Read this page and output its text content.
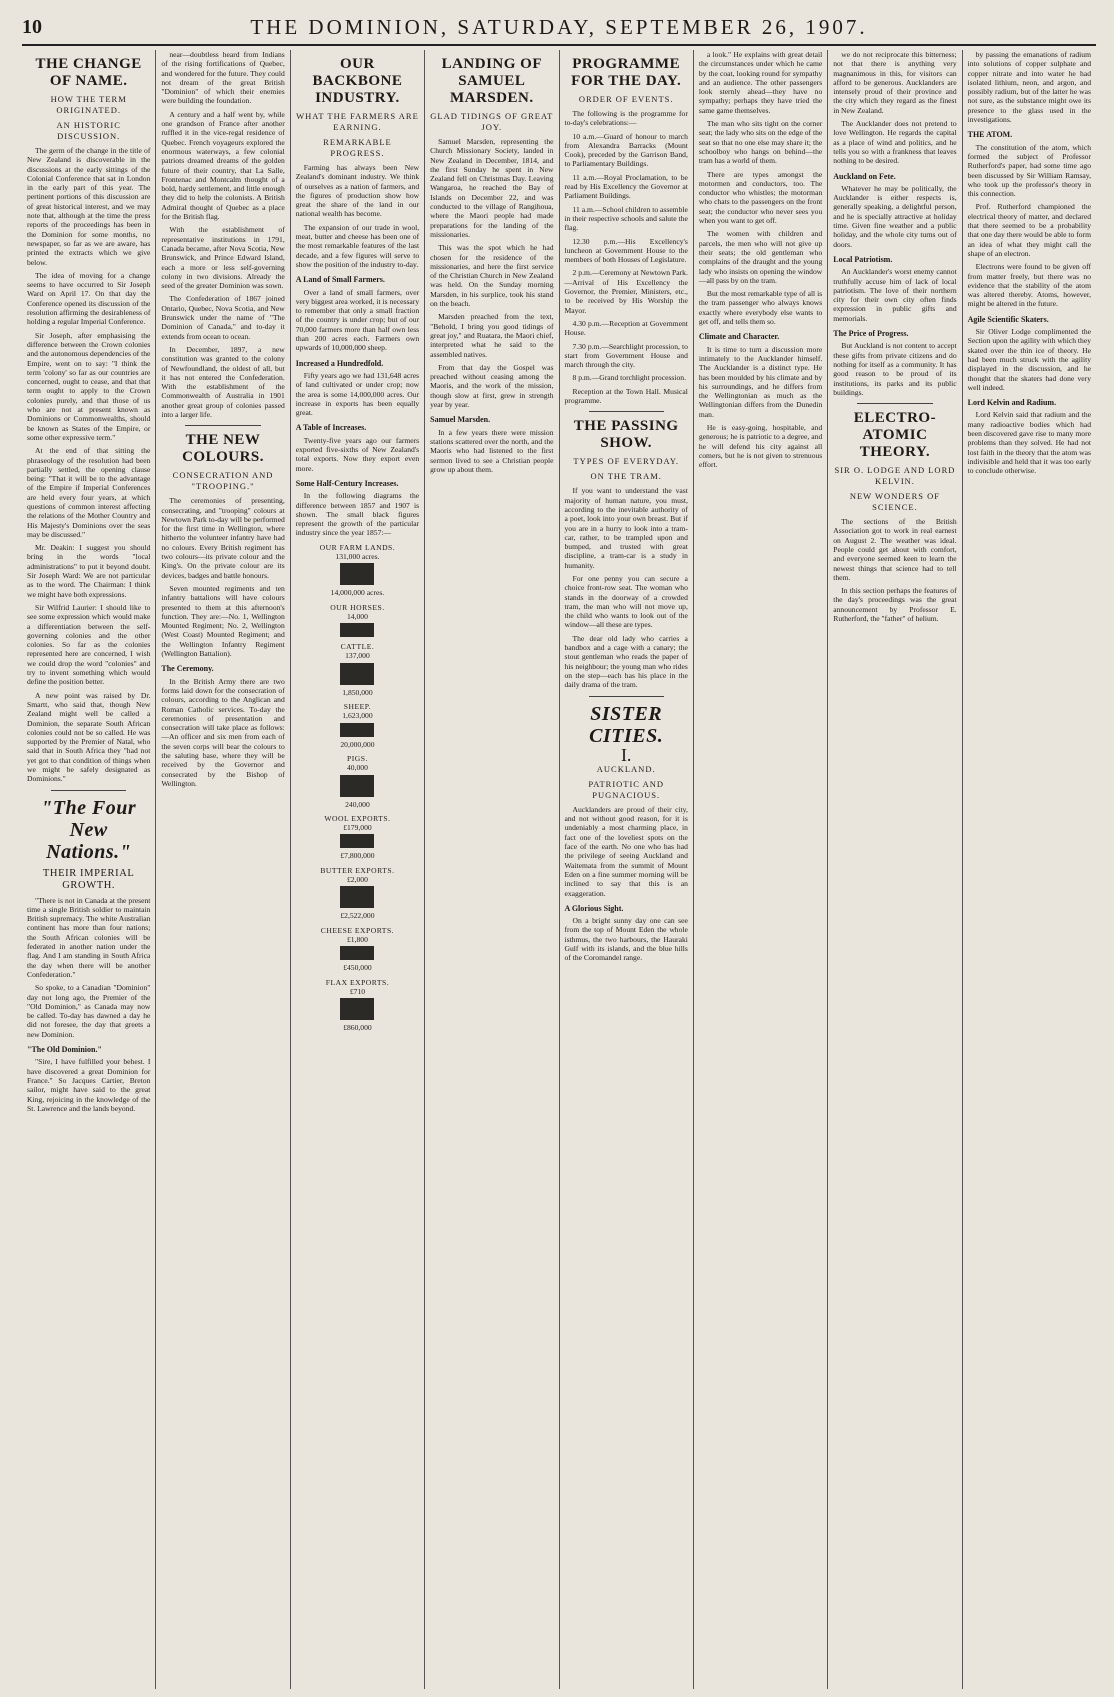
10	THE DOMINION, SATURDAY, SEPTEMBER 26, 1907.
THE CHANGE OF NAME.
HOW THE TERM ORIGINATED.
AN HISTORIC DISCUSSION.

The germ of the change in the title of New Zealand is discoverable in the discussions at the early sittings of the Colonial Conference that sat in London in the early part of this year. The pertinent portions of this discussion are of great historical interest, and we may note that, although at the time the press reports of the proceedings has been in the Dominion for some months, no newspaper, so far as we are aware, has printed the extracts which we give below.

The idea of moving for a change seems to have occurred to Sir Joseph Ward on April 17. On that day the Conference opened its discussion of the resolution affirming the desirableness of holding a regular Imperial Conference.

Sir Joseph, after emphasising the difference between the Crown colonies and the autonomous dependencies of the Empire, went on to say: "I think the term 'colony' so far as our countries are concerned, ought to cease, and that that term ought to apply to the Crown colonies purely, and that those of us who are not at present known as Dominions or Commonwealths, should be known as States of the Empire, or some other expressive term."

At the end of that sitting the phraseology of the resolution had been partially settled, the opening clause being: "That it will be to the advantage of the Empire if Imperial Conferences are held every four years, at which questions of common interest affecting the relations of the Mother Country and His Majesty's Dominions over the seas may be discussed."

Mr. Deakin: I suggest you should bring in the words "local administrations" to put it beyond doubt. Sir Joseph Ward: We are not particular as to the word. The Chairman: I think we might have both expressions.

Sir Wilfrid Laurier: I should like to see some expression which would make a differentiation between the self-governing colonies and the other colonies. So far as the colonies represented here are concerned, I wish we could drop the word "colonies" and try to invent something which would define the position better.

A new point was raised by Dr. Smartt, who said that, though New Zealand might well be called a Dominion, the separate South African colonies could not be so called. He was supported by the Premier of Natal, who said that in South Africa they "had not yet got to that condition of things when we might be safely designated as Dominions."

"The Four New Nations."
THEIR IMPERIAL GROWTH.

"There is not in Canada at the present time a single British soldier to maintain British supremacy. The white Australian continent has more than four nations; the South African colonies will be federated in another nation under the flag. And I am standing in South Africa the day when there will be another Confederation."

So spoke, to a Canadian "Dominion" day not long ago, the Premier of the "Old Dominion," as Canada may now be called. To-day has dawned a day he did not foresee, the day that greets a new Dominion.

"The Old Dominion."

"Sire, I have fulfilled your behest. I have discovered a great Dominion for France." So Jacques Cartier, Breton sailor, might have said to the great King, rejoicing in the knowledge of the St. Lawrence and the lands beyond.

near—doubtless heard from Indians of the rising fortifications of Quebec, and wondered for the future. They could not dream of the great British "Dominion" of which their enemies were building the foundation.

A century and a half went by, while one grandson of France after another ruffled it in the vice-regal residence of Quebec. French voyageurs explored the enormous waterways, a few colonial patriots dreamed dreams of the golden future of their country, that La Salle, Frontenac and Montcalm thought of a bold, hardy settlement, and little enough they did to help the colonists. A British Admiral thought of Quebec as a place for the British flag.

With the establishment of representative institutions in 1791, Canada became, after Nova Scotia, New Brunswick, and Prince Edward Island, each a more or less self-governing colony in two divisions. Already the seed of the greater Dominion was sown.

The Confederation of 1867 joined Ontario, Quebec, Nova Scotia, and New Brunswick under the name of "The Dominion of Canada," and to-day it extends from ocean to ocean.

In December, 1897, a new constitution was granted to the colony of Newfoundland, the oldest of all, but it has not entered the Confederation. With the establishment of the Commonwealth of Australia in 1901 another great group of colonies passed into a larger life.

THE NEW COLOURS.
CONSECRATION AND "TROOPING."

The ceremonies of presenting, consecrating, and "trooping" colours at Newtown Park to-day will be performed for the first time in Wellington, where hitherto the volunteer infantry have had no colours. Every British regiment has two colours—its private colour and the King's. On the private colour are its devices, badges and battle honours.

Seven mounted regiments and ten infantry battalions will have colours presented to them at this afternoon's function. They are:—No. 1, Wellington Mounted Regiment; No. 2, Wellington (West Coast) Mounted Regiment; and the Wellington Infantry Regiment (Wellington Battalion).

The Ceremony.

In the British Army there are two forms laid down for the consecration of colours, according to the Anglican and Roman Catholic services. To-day the ceremonies of presentation and consecration will take place as follows:—An officer and six men from each of the seven corps will bear the colours to the saluting base, where they will be received by the Governor and consecrated by the Bishop of Wellington.

OUR BACKBONE INDUSTRY.
WHAT THE FARMERS ARE EARNING.
REMARKABLE PROGRESS.

Farming has always been New Zealand's dominant industry. We think of ourselves as a nation of farmers, and the figures of production show how great the share of the land in our national wealth has become.

The expansion of our trade in wool, meat, butter and cheese has been one of the most remarkable features of the last decade, and a few figures will serve to show the position of the industry to-day.

A Land of Small Farmers.

Over a land of small farmers, over very biggest area worked, it is necessary to remember that only a small fraction of the country is under crop; but of our 70,000 farmers more than half own less than 200 acres each. Farmers own upwards of 10,000,000 sheep.

Increased a Hundredfold.

Fifty years ago we had 131,648 acres of land cultivated or under crop; now the area is some 14,000,000 acres. Our increase in exports has been equally great.

A Table of Increases.

Twenty-five years ago our farmers exported five-sixths of New Zealand's total exports. Now they export even more.

Some Half-Century Increases.

In the following diagrams the difference between 1857 and 1907 is shown. The small black figures represent the growth of the particular industry since the year 1857:—

OUR FARM LANDS.
131,000 acres.
14,000,000 acres.
OUR HORSES.
14,000
CATTLE.
137,000
1,850,000
SHEEP.
1,623,000
20,000,000
PIGS.
40,000
240,000
WOOL EXPORTS.
£179,000
£7,800,000
BUTTER EXPORTS.
£2,000
£2,522,000
CHEESE EXPORTS.
£1,800
£450,000
FLAX EXPORTS.
£710
£860,000
LANDING OF SAMUEL MARSDEN.
GLAD TIDINGS OF GREAT JOY.

Samuel Marsden, representing the Church Missionary Society, landed in New Zealand in December, 1814, and the first Sunday he spent in New Zealand fell on Christmas Day. Leaving Wangaroa, he reached the Bay of Islands on December 22, and was conducted to the village of Rangihoua, where the Maori people had made preparations for the landing of the missionaries.

This was the spot which he had chosen for the residence of the missionaries, and here the first service of the Christian Church in New Zealand was held. On the Sunday morning Marsden, in his surplice, took his stand on the beach.

Marsden preached from the text, "Behold, I bring you good tidings of great joy," and Ruatara, the Maori chief, interpreted what he said to the assembled natives.

From that day the Gospel was preached without ceasing among the Maoris, and the work of the mission, though slow at first, grew in strength year by year.

Samuel Marsden.

In a few years there were mission stations scattered over the north, and the Maoris who had listened to the first sermon lived to see a Christian people grow up about them.

PROGRAMME FOR THE DAY.
ORDER OF EVENTS.

The following is the programme for to-day's celebrations:—

10 a.m.—Guard of honour to march from Alexandra Barracks (Mount Cook), preceded by the Garrison Band, to Parliamentary Buildings.

11 a.m.—Royal Proclamation, to be read by His Excellency the Governor at Parliament Buildings.

11 a.m.—School children to assemble in their respective schools and salute the flag.

12.30 p.m.—His Excellency's luncheon at Government House to the members of both Houses of Legislature.

2 p.m.—Ceremony at Newtown Park.—Arrival of His Excellency the Governor, the Premier, Ministers, etc., to be received by His Worship the Mayor.

4.30 p.m.—Reception at Government House.

7.30 p.m.—Searchlight procession, to start from Government House and march through the city.

8 p.m.—Grand torchlight procession.

Reception at the Town Hall. Musical programme.

THE PASSING SHOW.
TYPES OF EVERYDAY.
ON THE TRAM.

If you want to understand the vast majority of human nature, you must, according to the inevitable authority of a poet, look into your own breast. But if you are in a hurry to look into a tram-car, rather, to be trampled upon and bumped, and trusted with great discipline, a tram-car is a study in humanity.

For one penny you can secure a choice front-row seat. The woman who stands in the doorway of a crowded tram, the man who will not move up, the child who wants to look out of the window—all these are types.

The dear old lady who carries a bandbox and a cage with a canary; the stout gentleman who reads the paper of his neighbour; the young man who rides on the step—each has his place in the daily drama of the tram.

SISTER CITIES.
I.
AUCKLAND.
PATRIOTIC AND PUGNACIOUS.

Aucklanders are proud of their city, and not without good reason, for it is undeniably a most charming place, in fact one of the loveliest spots on the face of the earth. No one who has had the privilege of seeing Auckland and Waitemata from the summit of Mount Eden on a fine summer morning will be inclined to say that this is an exaggeration.

A Glorious Sight.

On a bright sunny day one can see from the top of Mount Eden the whole isthmus, the two harbours, the Hauraki Gulf with its islands, and the blue hills of the Coromandel range.

a look." He explains with great detail the circumstances under which he came by the coat, looking round for sympathy and an audience. The other passengers look sternly ahead—they have no sympathy; perhaps they have tried the same game themselves.

The man who sits tight on the corner seat; the lady who sits on the edge of the seat so that no one else may share it; the schoolboy who hangs on behind—the tram has a world of them.

There are types amongst the motormen and conductors, too. The conductor who whistles; the motorman who chats to the passengers on the front seat; the conductor who never sees you when you want to get off.

The women with children and parcels, the men who will not give up their seats; the old gentleman who complains of the draught and the young lady who insists on opening the window—all pass by on the tram.

But the most remarkable type of all is the tram passenger who always knows exactly where everybody else wants to get off, and tells them so.

Climate and Character.

It is time to turn a discussion more intimately to the Aucklander himself. The Aucklander is a distinct type. He has been moulded by his climate and by his surroundings, and he differs from the Wellingtonian as much as the Wellingtonian differs from the Dunedin man.

He is easy-going, hospitable, and generous; he is patriotic to a degree, and he will defend his city against all comers, but he is not given to strenuous effort.

we do not reciprocate this bitterness; not that there is anything very magnanimous in this, for visitors can afford to be generous. Aucklanders are intensely proud of their province and the city which they regard as the finest in New Zealand.

The Aucklander does not pretend to love Wellington. He regards the capital as a place of wind and politics, and he tells you so with a frankness that leaves nothing to be desired.

Auckland on Fete.

Whatever he may be politically, the Aucklander is either respects is, generally speaking, a delightful person, and he is specially attractive at holiday time. Given fine weather and a public holiday, and the whole city turns out of doors.

Local Patriotism.

An Aucklander's worst enemy cannot truthfully accuse him of lack of local patriotism. The love of their northern city for their own city often finds expression in public gifts and memorials.

The Price of Progress.

But Auckland is not content to accept these gifts from private citizens and do nothing for itself as a community. It has good reason to be proud of its institutions, its parks and its public buildings.

ELECTRO-ATOMIC THEORY.
SIR O. LODGE AND LORD KELVIN.
NEW WONDERS OF SCIENCE.

The sections of the British Association got to work in real earnest on August 2. The weather was ideal. People could get about with comfort, and everyone seemed keen to learn the newest things that science had to tell them.

In this section perhaps the features of the day's proceedings was the great announcement by Professor E. Rutherford, the "father" of helium.

by passing the emanations of radium into solutions of copper sulphate and copper nitrate and into water he had isolated lithium, neon, and argon, and possibly radium, but of the latter he was not sure, as the substance might owe its presence to the glass used in the investigations.

THE ATOM.

The constitution of the atom, which formed the subject of Professor Rutherford's paper, had some time ago been discussed by Sir William Ramsay, who took up the professor's theory in this connection.

Prof. Rutherford championed the electrical theory of matter, and declared that there seemed to be a probability that one day there would be able to form an idea of what they might call the shape of an electron.

Electrons were found to be given off from matter freely, but there was no evidence that the stability of the atom was altered thereby. Atoms, however, might be altered in the future.

Agile Scientific Skaters.

Sir Oliver Lodge complimented the Section upon the agility with which they skated over the thin ice of theory. He had been much struck with the agility displayed in the discussion, and he thought that the skaters had done very well indeed.

Lord Kelvin and Radium.

Lord Kelvin said that radium and the many radioactive bodies which had been discovered gave rise to many more problems than they solved. He had not lost faith in the theory that the atom was indivisible and held that it was too early to conclude otherwise.
